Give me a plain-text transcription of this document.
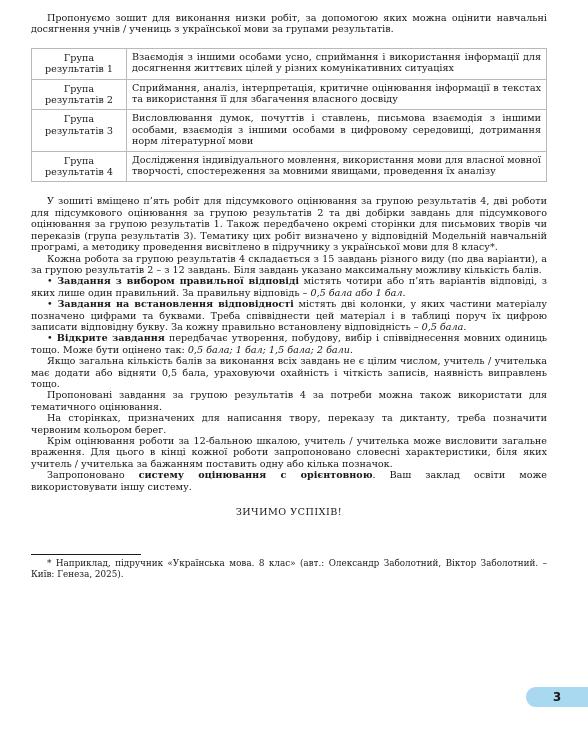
Пропонуємо зошит для виконання низки робіт, за допомогою яких можна оцінити навчальні досягнення учнів / учениць з української мови за групами результатів.

Група результатів 1	Взаємодія з іншими особами усно, сприймання і використання інформації для досягнення життєвих цілей у різних комунікативних ситуаціях
Група результатів 2	Сприймання, аналіз, інтерпретація, критичне оцінювання інформації в текстах та використання її для збагачення власного досвіду
Група результатів 3	Висловлювання думок, почуттів і ставлень, письмова взаємодія з іншими особами, взаємодія з іншими особами в цифровому середовищі, дотримання норм літературної мови
Група результатів 4	Дослідження індивідуального мовлення, використання мови для власної мовної творчості, спостереження за мовними явищами, проведення їх аналізу

У зошиті вміщено п’ять робіт для підсумкового оцінювання за групою результатів 4, дві роботи для підсумкового оцінювання за групою результатів 2 та дві добірки завдань для підсумкового оцінювання за групою результатів 1. Також передбачено окремі сторінки для письмових творів чи переказів (група результатів 3). Тематику цих робіт визначено у відповідній Модельній навчальній програмі, а методику проведення висвітлено в підручнику з української мови для 8 класу*.

Кожна робота за групою результатів 4 складається з 15 завдань різного виду (по два варіанти), а за групою результатів 2 – з 12 завдань. Біля завдань указано максимальну можливу кількість балів.

• Завдання з вибором правильної відповіді містять чотири або п’ять варіантів відповіді, з яких лише один правильний. За правильну відповідь – 0,5 бала або 1 бал.

• Завдання на встановлення відповідності містять дві колонки, у яких частини матеріалу позначено цифрами та буквами. Треба співвіднести цей матеріал і в таблиці поруч їх цифрою записати відповідну букву. За кожну правильно встановлену відповідність – 0,5 бала.

• Відкрите завдання передбачає утворення, побудову, вибір і співвіднесення мовних одиниць тощо. Може бути оцінено так: 0,5 бала; 1 бал; 1,5 бала; 2 бали.

Якщо загальна кількість балів за виконання всіх завдань не є цілим числом, учитель / учителька має додати або відняти 0,5 бала, ураховуючи охайність і чіткість записів, наявність виправлень тощо.

Пропоновані завдання за групою результатів 4 за потреби можна також використати для тематичного оцінювання.

На сторінках, призначених для написання твору, переказу та диктанту, треба позначити червоним кольором берег.

Крім оцінювання роботи за 12-бальною шкалою, учитель / учителька може висловити загальне враження. Для цього в кінці кожної роботи запропоновано словесні характеристики, біля яких учитель / учителька за бажанням поставить одну або кілька позначок.

Запропоновано систему оцінювання с орієнтовною. Ваш заклад освіти може використовувати іншу систему.

ЗИЧИМО УСПІХІВ!

* Наприклад, підручник «Українська мова. 8 клас» (авт.: Олександр Заболотний, Віктор Заболотний. – Київ: Генеза, 2025).

3
